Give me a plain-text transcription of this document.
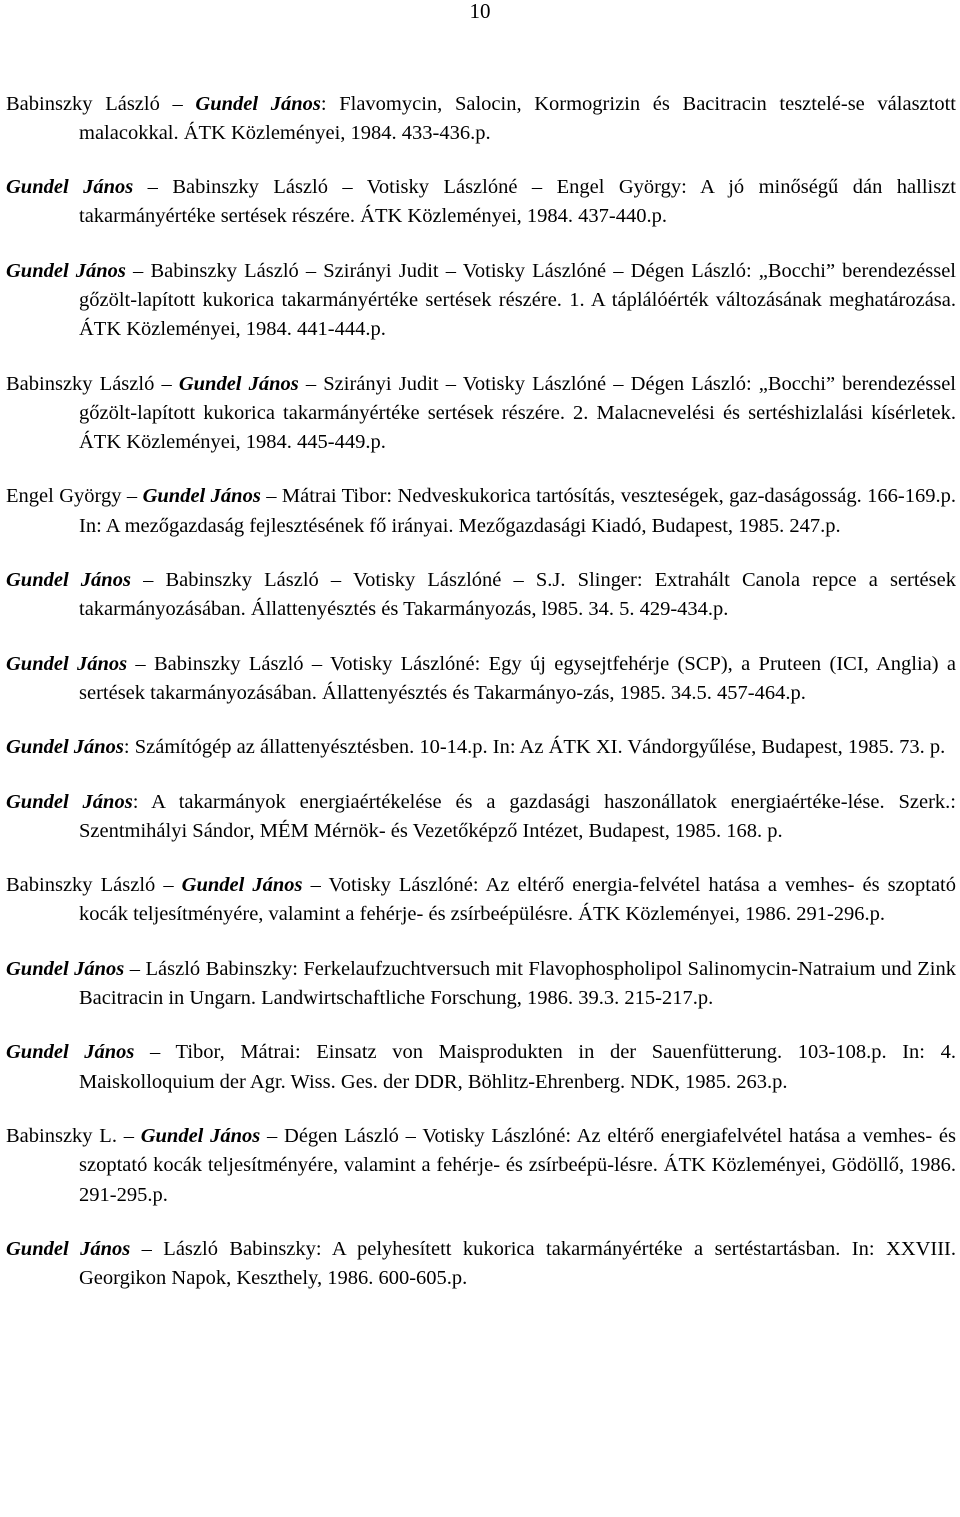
10

Babinszky László – Gundel János: Flavomycin, Salocin, Kormogrizin és Bacitracin tesztelé-se választott malacokkal. ÁTK Közleményei, 1984. 433-436.p.

Gundel János – Babinszky László – Votisky Lászlóné – Engel György: A jó minőségű dán halliszt takarmányértéke sertések részére. ÁTK Közleményei, 1984. 437-440.p.

Gundel János – Babinszky László – Szirányi Judit – Votisky Lászlóné – Dégen László: „Bocchi” berendezéssel gőzölt-lapított kukorica takarmányértéke sertések részére. 1. A táplálóérték változásának meghatározása. ÁTK Közleményei, 1984. 441-444.p.

Babinszky László – Gundel János – Szirányi Judit – Votisky Lászlóné – Dégen László: „Bocchi” berendezéssel gőzölt-lapított kukorica takarmányértéke sertések részére. 2. Malacnevelési és sertéshizlalási kísérletek. ÁTK Közleményei, 1984. 445-449.p.

Engel György – Gundel János – Mátrai Tibor: Nedveskukorica tartósítás, veszteségek, gaz-daságosság. 166-169.p. In: A mezőgazdaság fejlesztésének fő irányai. Mezőgazdasági Kiadó, Budapest, 1985. 247.p.

Gundel János – Babinszky László – Votisky Lászlóné – S.J. Slinger: Extrahált Canola repce a sertések takarmányozásában. Állattenyésztés és Takarmányozás, l985. 34. 5. 429-434.p.

Gundel János – Babinszky László – Votisky Lászlóné: Egy új egysejtfehérje (SCP), a Pruteen (ICI, Anglia) a sertések takarmányozásában. Állattenyésztés és Takarmányo-zás, 1985. 34.5. 457-464.p.

Gundel János: Számítógép az állattenyésztésben. 10-14.p. In: Az ÁTK XI. Vándorgyűlése, Budapest, 1985. 73. p.

Gundel János: A takarmányok energiaértékelése és a gazdasági haszonállatok energiaértéke-lése. Szerk.: Szentmihályi Sándor, MÉM Mérnök- és Vezetőképző Intézet, Budapest, 1985. 168. p.

Babinszky László – Gundel János – Votisky Lászlóné: Az eltérő energia-felvétel hatása a vemhes- és szoptató kocák teljesítményére, valamint a fehérje- és zsírbeépülésre. ÁTK Közleményei, 1986. 291-296.p.

Gundel János – László Babinszky: Ferkelaufzuchtversuch mit Flavophospholipol Salinomycin-Natraium und Zink Bacitracin in Ungarn. Landwirtschaftliche Forschung, 1986. 39.3. 215-217.p.

Gundel János – Tibor, Mátrai: Einsatz von Maisprodukten in der Sauenfütterung. 103-108.p. In: 4. Maiskolloquium der Agr. Wiss. Ges. der DDR, Böhlitz-Ehrenberg. NDK, 1985. 263.p.

Babinszky L. – Gundel János – Dégen László – Votisky Lászlóné: Az eltérő energiafelvétel hatása a vemhes- és szoptató kocák teljesítményére, valamint a fehérje- és zsírbeépü-lésre. ÁTK Közleményei, Gödöllő, 1986. 291-295.p.

Gundel János – László Babinszky: A pelyhesített kukorica takarmányértéke a sertéstartásban. In: XXVIII. Georgikon Napok, Keszthely, 1986. 600-605.p.
